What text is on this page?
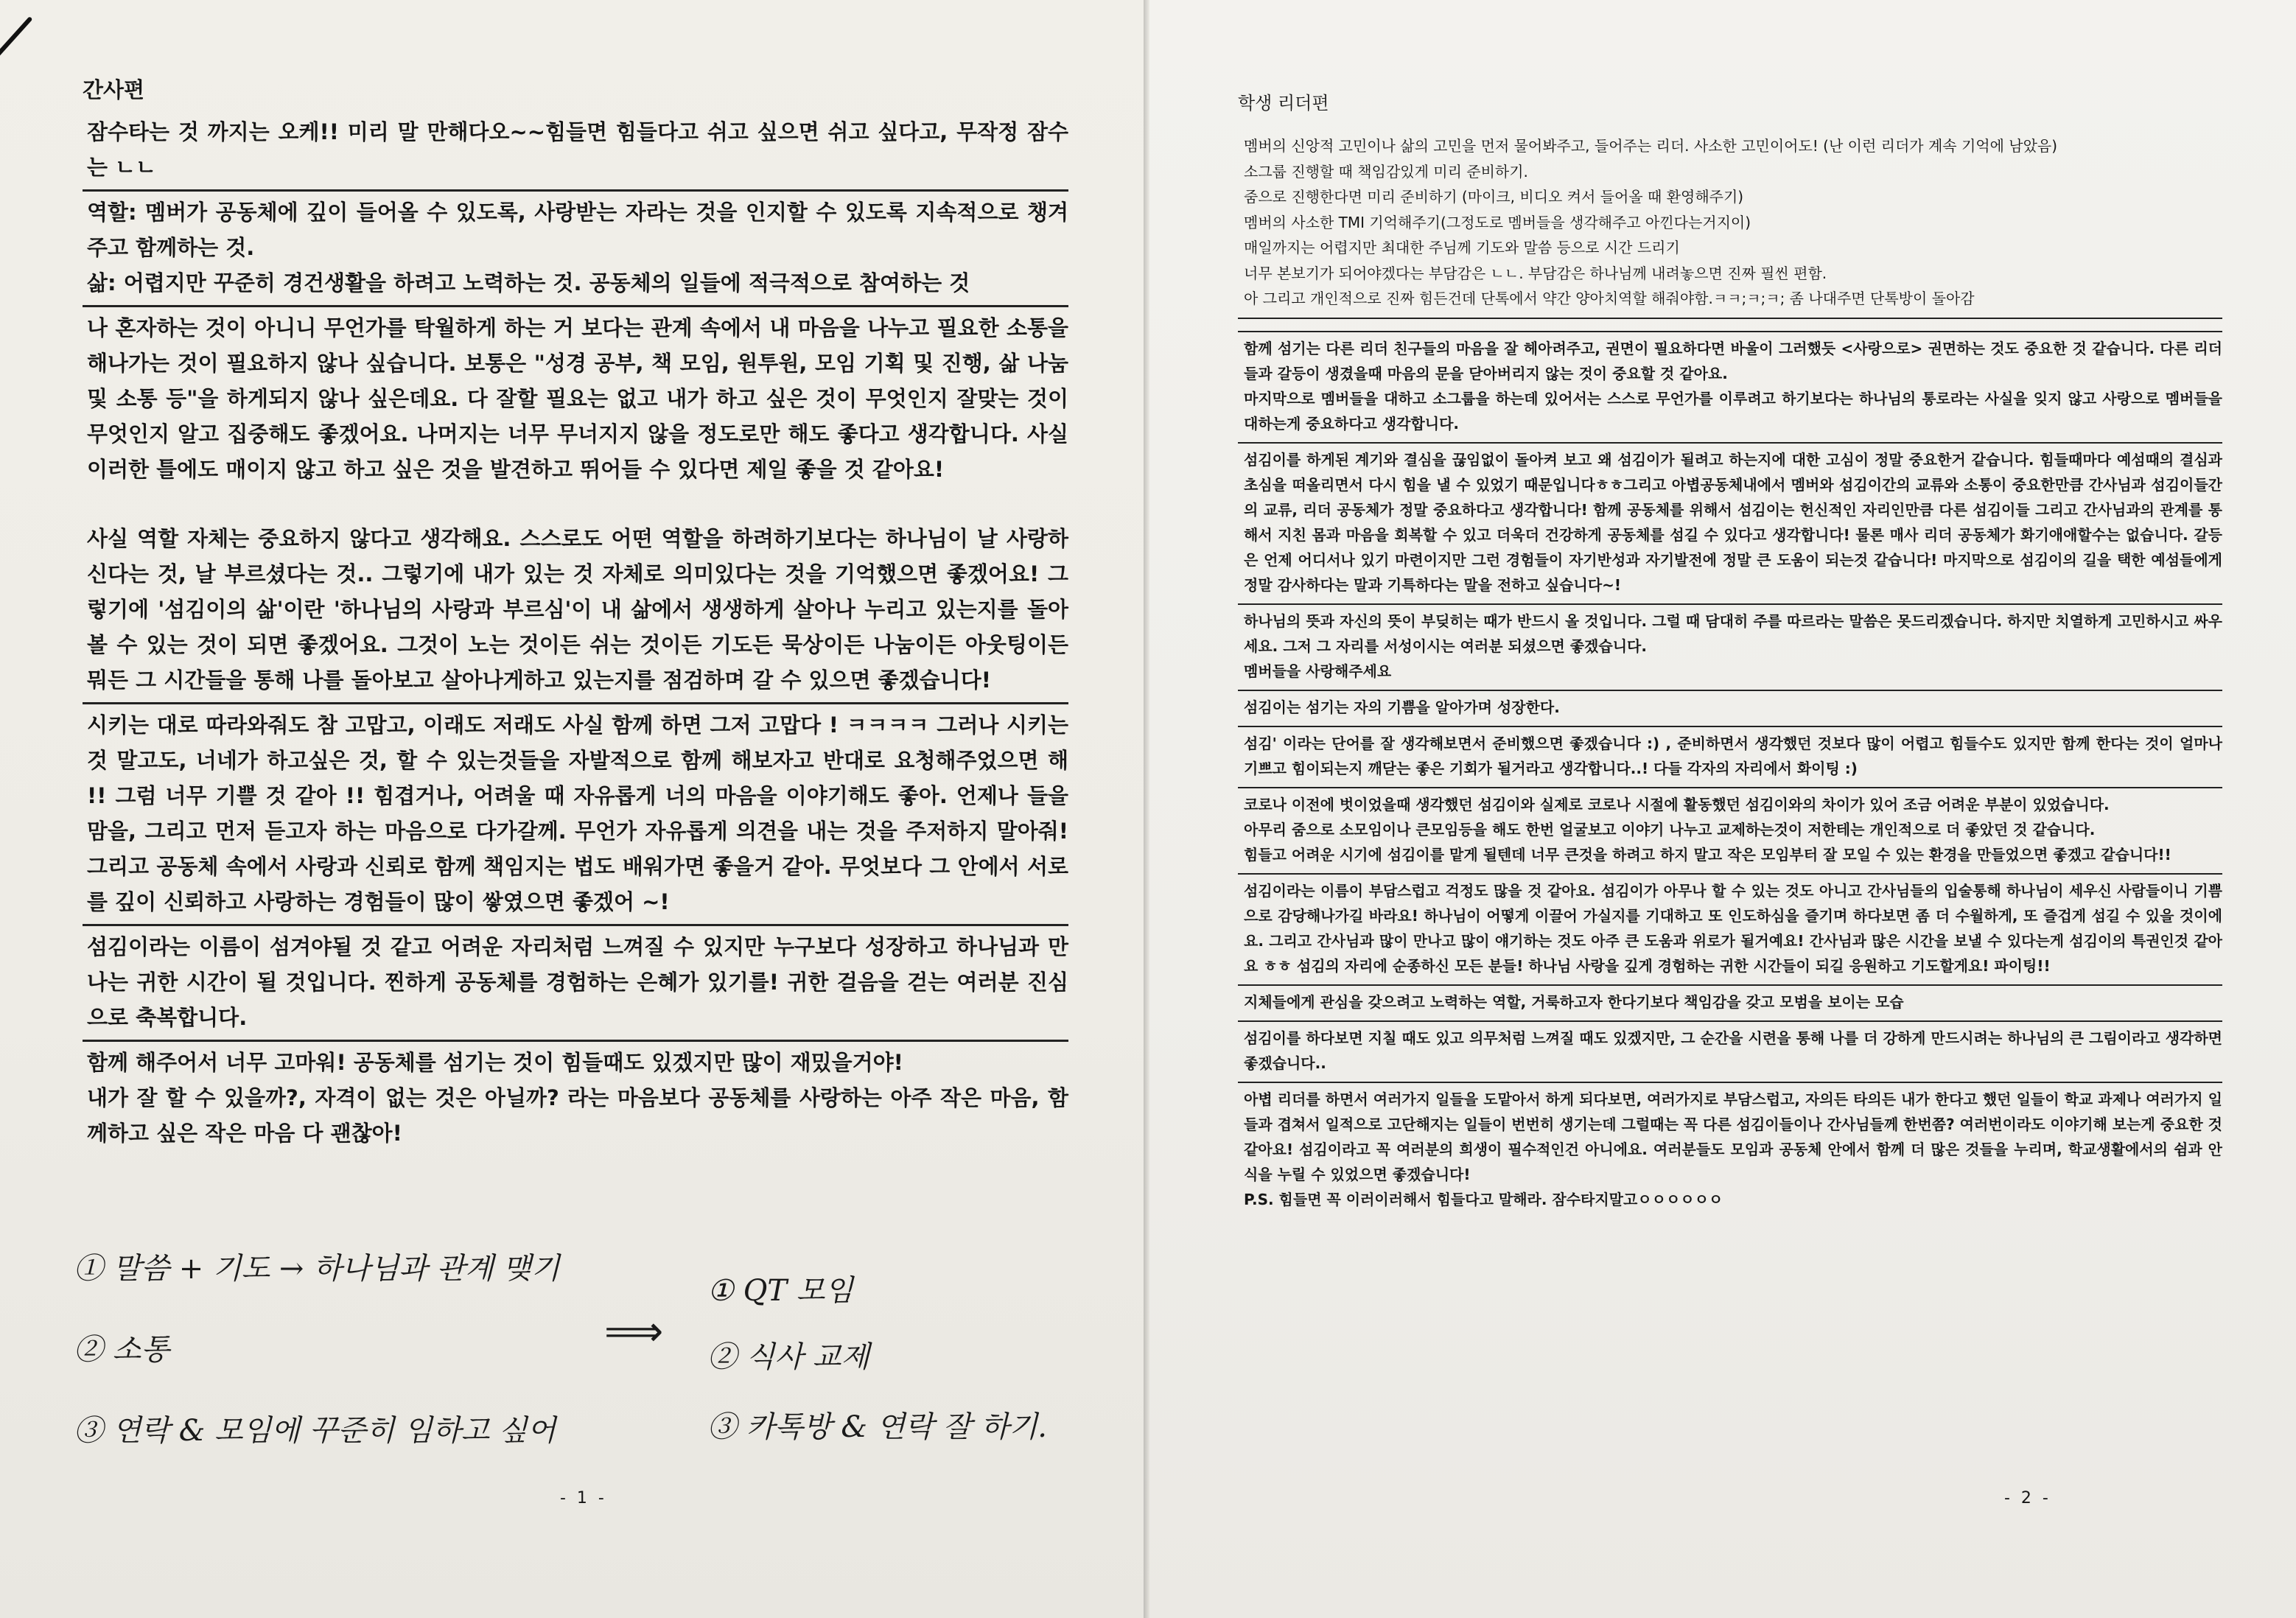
간사편

잠수타는 것 까지는 오케!! 미리 말 만해다오~~힘들면 힘들다고 쉬고 싶으면 쉬고 싶다고, 무작정 잠수는 ㄴㄴ

역할: 멤버가 공동체에 깊이 들어올 수 있도록, 사랑받는 자라는 것을 인지할 수 있도록 지속적으로 챙겨주고 함께하는 것.

삶: 어렵지만 꾸준히 경건생활을 하려고 노력하는 것. 공동체의 일들에 적극적으로 참여하는 것

나 혼자하는 것이 아니니 무언가를 탁월하게 하는 거 보다는 관계 속에서 내 마음을 나누고 필요한 소통을 해나가는 것이 필요하지 않나 싶습니다. 보통은 "성경 공부, 책 모임, 원투원, 모임 기획 및 진행, 삶 나눔 및 소통 등"을 하게되지 않나 싶은데요. 다 잘할 필요는 없고 내가 하고 싶은 것이 무엇인지 잘맞는 것이 무엇인지 알고 집중해도 좋겠어요. 나머지는 너무 무너지지 않을 정도로만 해도 좋다고 생각합니다. 사실 이러한 틀에도 매이지 않고 하고 싶은 것을 발견하고 뛰어들 수 있다면 제일 좋을 것 같아요!

사실 역할 자체는 중요하지 않다고 생각해요. 스스로도 어떤 역할을 하려하기보다는 하나님이 날 사랑하신다는 것, 날 부르셨다는 것.. 그렇기에 내가 있는 것 자체로 의미있다는 것을 기억했으면 좋겠어요! 그렇기에 '섬김이의 삶'이란 '하나님의 사랑과 부르심'이 내 삶에서 생생하게 살아나 누리고 있는지를 돌아볼 수 있는 것이 되면 좋겠어요. 그것이 노는 것이든 쉬는 것이든 기도든 묵상이든 나눔이든 아웃팅이든 뭐든 그 시간들을 통해 나를 돌아보고 살아나게하고 있는지를 점검하며 갈 수 있으면 좋겠습니다!

시키는 대로 따라와줘도 참 고맙고, 이래도 저래도 사실 함께 하면 그저 고맙다 ! ㅋㅋㅋㅋ 그러나 시키는 것 말고도, 너네가 하고싶은 것, 할 수 있는것들을 자발적으로 함께 해보자고 반대로 요청해주었으면 해 !! 그럼 너무 기쁠 것 같아 !! 힘겹거나, 어려울 때 자유롭게 너의 마음을 이야기해도 좋아. 언제나 들을 맘을, 그리고 먼저 듣고자 하는 마음으로 다가갈께. 무언가 자유롭게 의견을 내는 것을 주저하지 말아줘! 그리고 공동체 속에서 사랑과 신뢰로 함께 책임지는 법도 배워가면 좋을거 같아. 무엇보다 그 안에서 서로를 깊이 신뢰하고 사랑하는 경험들이 많이 쌓였으면 좋겠어 ~!

섬김이라는 이름이 섬겨야될 것 같고 어려운 자리처럼 느껴질 수 있지만 누구보다 성장하고 하나님과 만나는 귀한 시간이 될 것입니다. 찐하게 공동체를 경험하는 은혜가 있기를! 귀한 걸음을 걷는 여러분 진심으로 축복합니다.

함께 해주어서 너무 고마워! 공동체를 섬기는 것이 힘들때도 있겠지만 많이 재밌을거야!

내가 잘 할 수 있을까?, 자격이 없는 것은 아닐까? 라는 마음보다 공동체를 사랑하는 아주 작은 마음, 함께하고 싶은 작은 마음 다 괜찮아!

① 말씀 + 기도 → 하나님과 관계 맺기
② 소통
③ 연락 & 모임에 꾸준히 임하고 싶어
⟹
① QT 모임
② 식사 교제
③ 카톡방 & 연락 잘 하기.
- 1 -
학생 리더편

멤버의 신앙적 고민이나 삶의 고민을 먼저 물어봐주고, 들어주는 리더. 사소한 고민이어도! (난 이런 리더가 계속 기억에 남았음)

소그룹 진행할 때 책임감있게 미리 준비하기.

줌으로 진행한다면 미리 준비하기 (마이크, 비디오 켜서 들어올 때 환영해주기)

멤버의 사소한 TMI 기억해주기(그정도로 멤버들을 생각해주고 아낀다는거지이)

매일까지는 어렵지만 최대한 주님께 기도와 말씀 등으로 시간 드리기

너무 본보기가 되어야겠다는 부담감은 ㄴㄴ. 부담감은 하나님께 내려놓으면 진짜 필씬 편함.

아 그리고 개인적으로 진짜 힘든건데 단톡에서 약간 양아치역할 해줘야함.ㅋㅋ;ㅋ;ㅋ; 좀 나대주면 단톡방이 돌아감

함께 섬기는 다른 리더 친구들의 마음을 잘 헤아려주고, 권면이 필요하다면 바울이 그러했듯 <사랑으로> 권면하는 것도 중요한 것 같습니다. 다른 리더들과 갈등이 생겼을때 마음의 문을 닫아버리지 않는 것이 중요할 것 같아요.

마지막으로 멤버들을 대하고 소그룹을 하는데 있어서는 스스로 무언가를 이루려고 하기보다는 하나님의 통로라는 사실을 잊지 않고 사랑으로 멤버들을 대하는게 중요하다고 생각합니다.

섬김이를 하게된 계기와 결심을 끊임없이 돌아켜 보고 왜 섬김이가 될려고 하는지에 대한 고심이 정말 중요한거 같습니다. 힘들때마다 예섬때의 결심과 초심을 떠올리면서 다시 힘을 낼 수 있었기 때문입니다ㅎㅎ그리고 아볍공동체내에서 멤버와 섬김이간의 교류와 소통이 중요한만큼 간사님과 섬김이들간의 교류, 리더 공동체가 정말 중요하다고 생각합니다! 함께 공동체를 위해서 섬김이는 헌신적인 자리인만큼 다른 섬김이들 그리고 간사님과의 관계를 통해서 지친 몸과 마음을 회복할 수 있고 더욱더 건강하게 공동체를 섬길 수 있다고 생각합니다! 물론 매사 리더 공동체가 화기애애할수는 없습니다. 갈등은 언제 어디서나 있기 마련이지만 그런 경험들이 자기반성과 자기발전에 정말 큰 도움이 되는것 같습니다! 마지막으로 섬김이의 길을 택한 예섬들에게 정말 감사하다는 말과 기특하다는 말을 전하고 싶습니다~!

하나님의 뜻과 자신의 뜻이 부딪히는 때가 반드시 올 것입니다. 그럴 때 담대히 주를 따르라는 말씀은 못드리겠습니다. 하지만 치열하게 고민하시고 싸우세요. 그저 그 자리를 서성이시는 여러분 되셨으면 좋겠습니다.

멤버들을 사랑해주세요

섬김이는 섬기는 자의 기쁨을 알아가며 성장한다.

섬김' 이라는 단어를 잘 생각해보면서 준비했으면 좋겠습니다 :) , 준비하면서 생각했던 것보다 많이 어렵고 힘들수도 있지만 함께 한다는 것이 얼마나 기쁘고 힘이되는지 깨닫는 좋은 기회가 될거라고 생각합니다..! 다들 각자의 자리에서 화이팅 :)

코로나 이전에 벗이었을때 생각했던 섬김이와 실제로 코로나 시절에 활동했던 섬김이와의 차이가 있어 조금 어려운 부분이 있었습니다.

아무리 줌으로 소모임이나 큰모임등을 해도 한번 얼굴보고 이야기 나누고 교제하는것이 저한테는 개인적으로 더 좋았던 것 같습니다.

힘들고 어려운 시기에 섬김이를 맡게 될텐데 너무 큰것을 하려고 하지 말고 작은 모임부터 잘 모일 수 있는 환경을 만들었으면 좋겠고 같습니다!!

섬김이라는 이름이 부담스럽고 걱정도 많을 것 같아요. 섬김이가 아무나 할 수 있는 것도 아니고 간사님들의 입술통해 하나님이 세우신 사람들이니 기쁨으로 감당해나가길 바라요! 하나님이 어떻게 이끌어 가실지를 기대하고 또 인도하심을 즐기며 하다보면 좀 더 수월하게, 또 즐겁게 섬길 수 있을 것이에요. 그리고 간사님과 많이 만나고 많이 얘기하는 것도 아주 큰 도움과 위로가 될거예요! 간사님과 많은 시간을 보낼 수 있다는게 섬김이의 특권인것 같아요 ㅎㅎ 섬김의 자리에 순종하신 모든 분들! 하나님 사랑을 깊게 경험하는 귀한 시간들이 되길 응원하고 기도할게요! 파이팅!!

지체들에게 관심을 갖으려고 노력하는 역할, 거룩하고자 한다기보다 책임감을 갖고 모범을 보이는 모습

섬김이를 하다보면 지칠 때도 있고 의무처럼 느껴질 때도 있겠지만, 그 순간을 시련을 통해 나를 더 강하게 만드시려는 하나님의 큰 그림이라고 생각하면 좋겠습니다..

아볍 리더를 하면서 여러가지 일들을 도맡아서 하게 되다보면, 여러가지로 부담스럽고, 자의든 타의든 내가 한다고 했던 일들이 학교 과제나 여러가지 일들과 겹쳐서 일적으로 고단해지는 일들이 번번히 생기는데 그럴때는 꼭 다른 섬김이들이나 간사님들께 한번쯤? 여러번이라도 이야기해 보는게 중요한 것 같아요! 섬김이라고 꼭 여러분의 희생이 필수적인건 아니에요. 여러분들도 모임과 공동체 안에서 함께 더 많은 것들을 누리며, 학교생활에서의 쉼과 안식을 누릴 수 있었으면 좋겠습니다!

P.S. 힘들면 꼭 이러이러해서 힘들다고 말해라. 잠수타지말고ㅇㅇㅇㅇㅇㅇ

- 2 -
